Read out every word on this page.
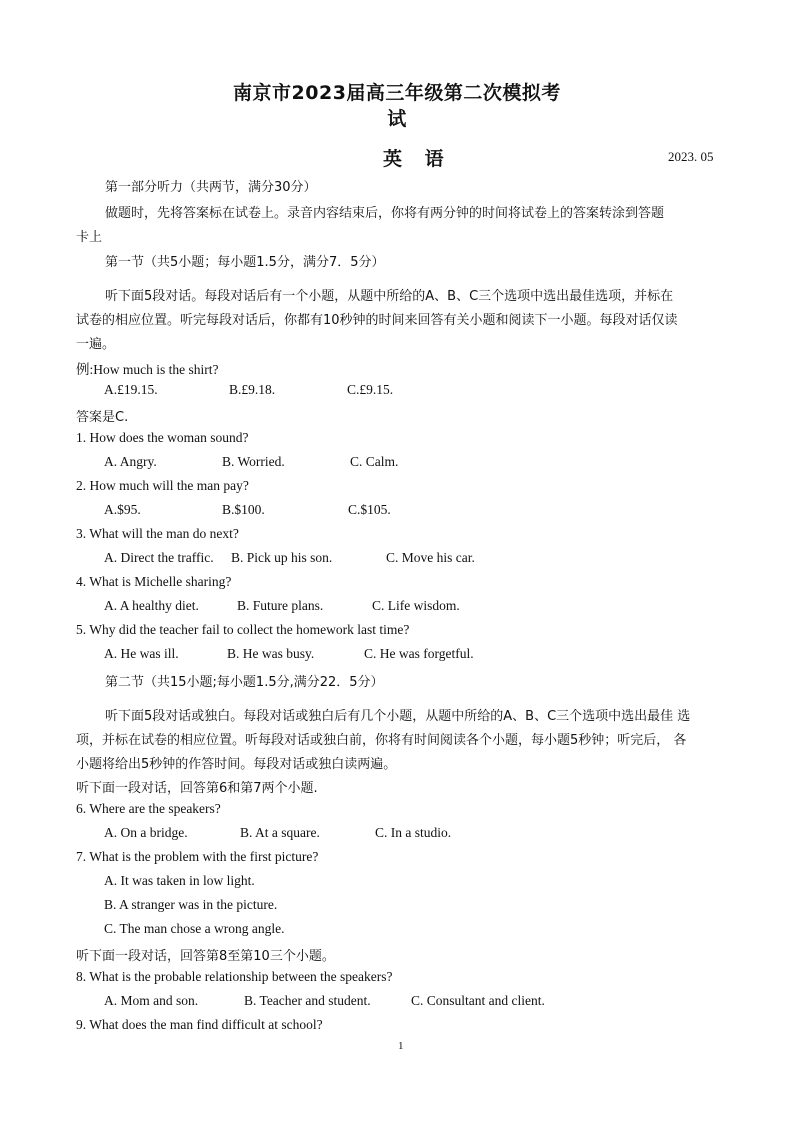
南京市2023届高三年级第二次模拟考
试
英 语	2023. 05
第一部分听力（共两节，满分30分）
做题时，先将答案标在试卷上。录音内容结束后，你将有两分钟的时间将试卷上的答案转涂到答题
卡上
第一节（共5小题；每小题1.5分，满分7．5分）
听下面5段对话。每段对话后有一个小题，从题中所给的A、B、C三个选项中选出最佳选项，并标在
试卷的相应位置。听完每段对话后，你都有10秒钟的时间来回答有关小题和阅读下一小题。每段对话仅读
一遍。
例:How much is the shirt?
A.£19.15.	B.£9.18.	C.£9.15.
答案是C.
1. How does the woman sound?
A. Angry.	B. Worried.	C. Calm.
2. How much will the man pay?
A.$95.	B.$100.	C.$105.
3. What will the man do next?
A. Direct the traffic. B. Pick up his son.	C. Move his car.
4. What is Michelle sharing?
A. A healthy diet.	B. Future plans.	C. Life wisdom.
5. Why did the teacher fail to collect the homework last time?
A. He was ill.	B. He was busy.	C. He was forgetful.
第二节（共15小题;每小题1.5分,满分22．5分）
听下面5段对话或独白。每段对话或独白后有几个小题，从题中所给的A、B、C三个选项中选出最佳 选
项，并标在试卷的相应位置。听每段对话或独白前，你将有时间阅读各个小题，每小题5秒钟；听完后， 各
小题将给出5秒钟的作答时间。每段对话或独白读两遍。
听下面一段对话，回答第6和第7两个小题.
6. Where are the speakers?
A. On a bridge.	B. At a square.	C. In a studio.
7. What is the problem with the first picture?
A. It was taken in low light.
B. A stranger was in the picture.
C. The man chose a wrong angle.
听下面一段对话，回答第8至第10三个小题。
8. What is the probable relationship between the speakers?
A. Mom and son.	B. Teacher and student.	C. Consultant and client.
9. What does the man find difficult at school?
1
